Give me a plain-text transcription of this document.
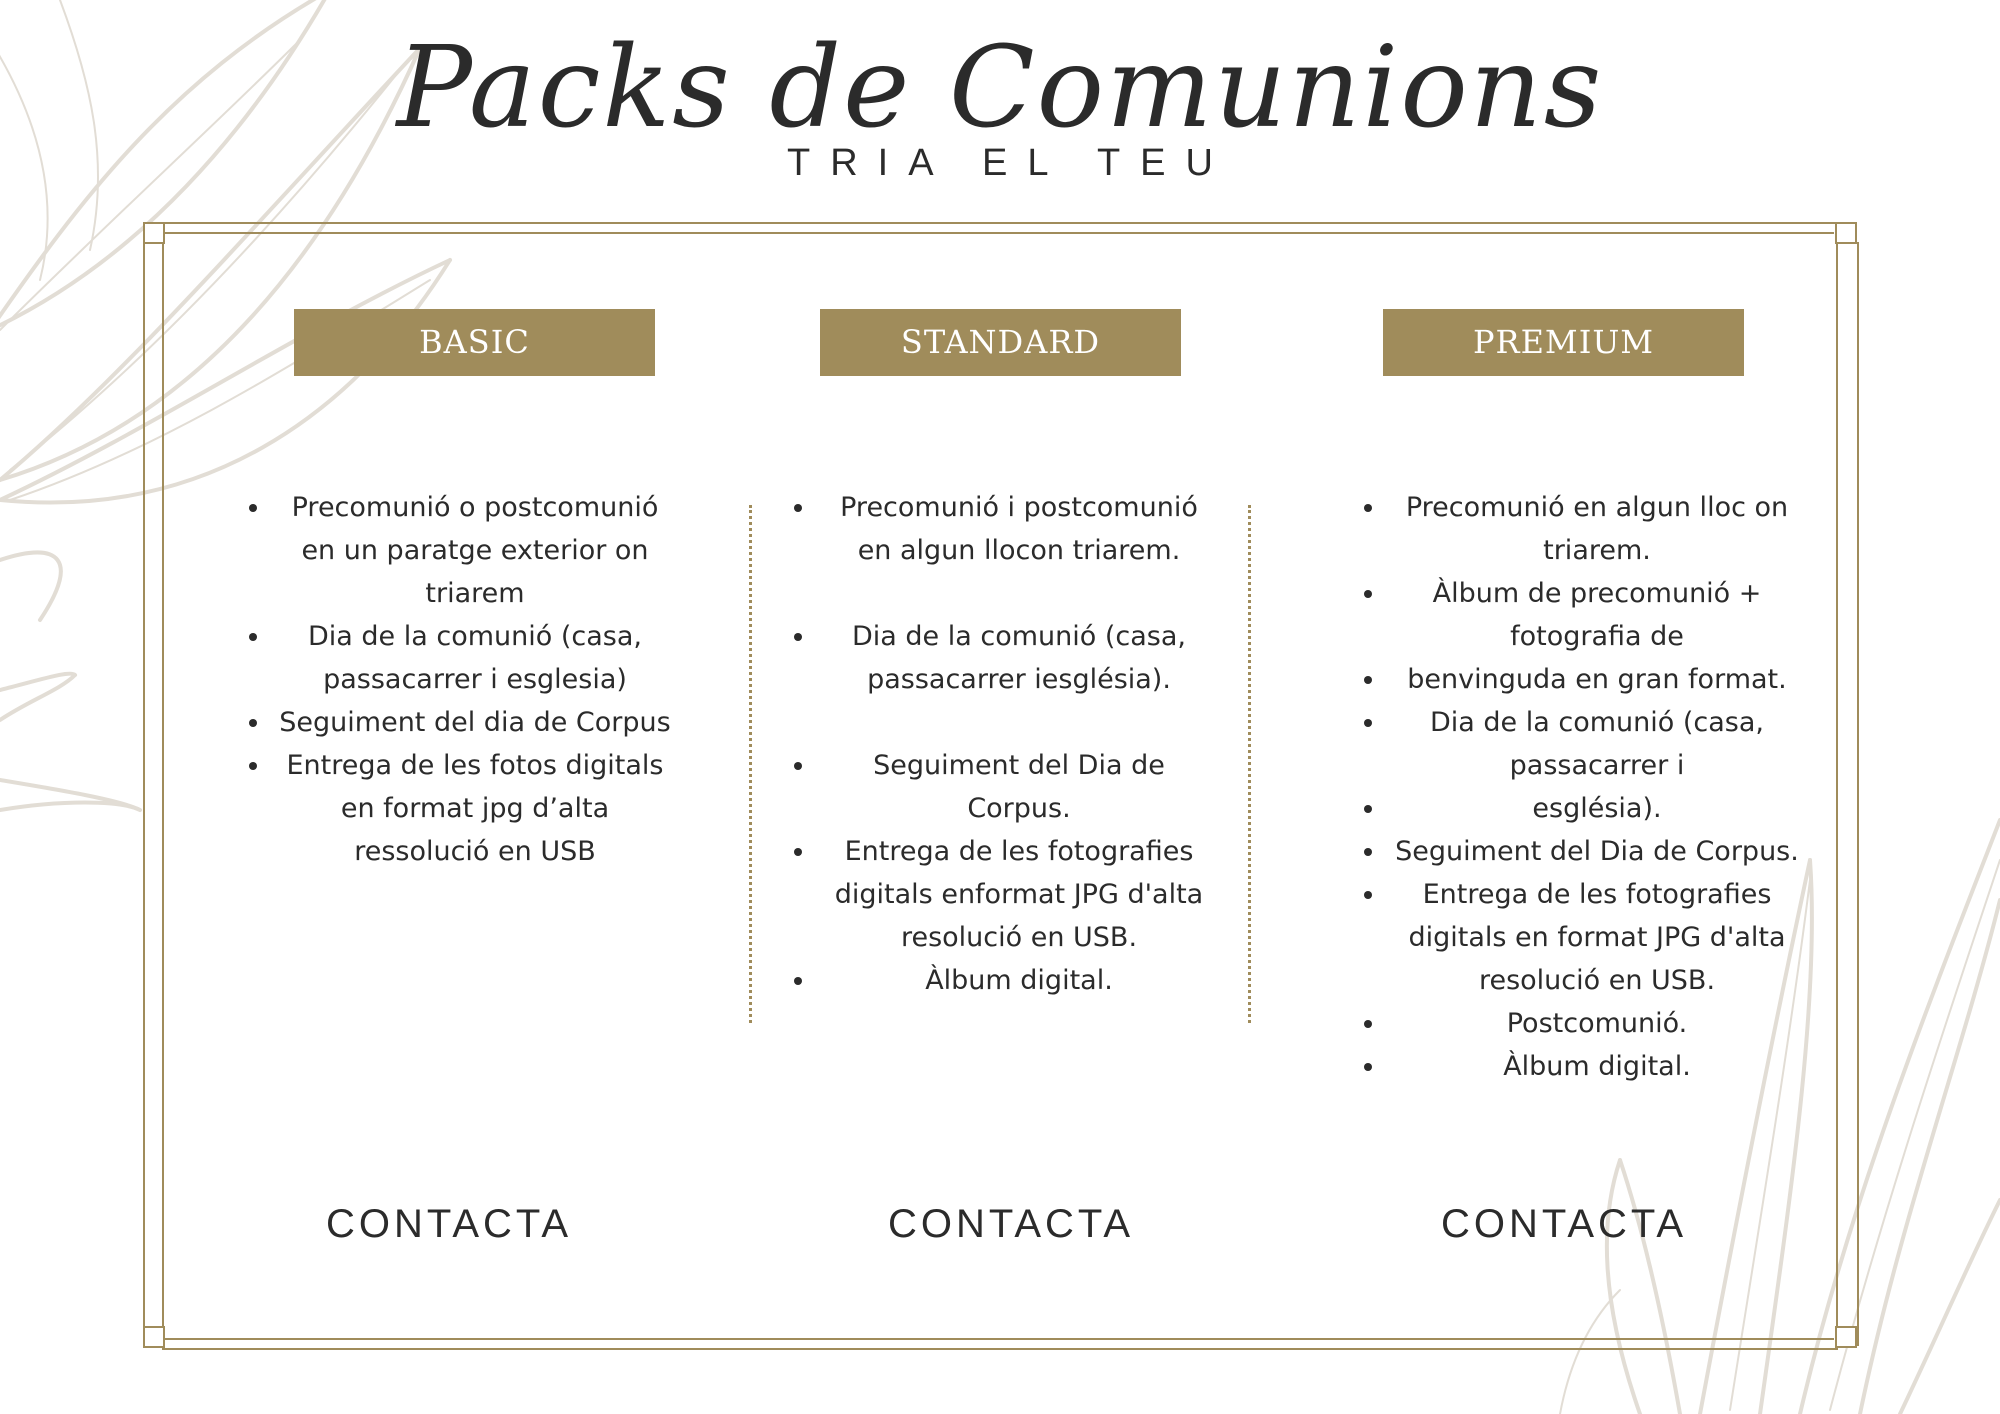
Packs de Comunions
TRIA EL TEU
BASIC
• Precomunió o postcomunió en un paratge exterior on triarem
• Dia de la comunió (casa, passacarrer i esglesia)
• Seguiment del dia de Corpus
• Entrega de les fotos digitals en format jpg d’alta ressolució en USB
CONTACTA
STANDARD
• Precomunió i postcomunió en algun llocon triarem.
• Dia de la comunió (casa, passacarrer iesglésia).
• Seguiment del Dia de Corpus.
• Entrega de les fotografies digitals enformat JPG d'alta resolució en USB.
• Àlbum digital.
CONTACTA
PREMIUM
• Precomunió en algun lloc on triarem.
• Àlbum de precomunió + fotografia de
• benvinguda en gran format.
• Dia de la comunió (casa, passacarrer i
• església).
• Seguiment del Dia de Corpus.
• Entrega de les fotografies digitals en format JPG d'alta resolució en USB.
• Postcomunió.
• Àlbum digital.
CONTACTA
